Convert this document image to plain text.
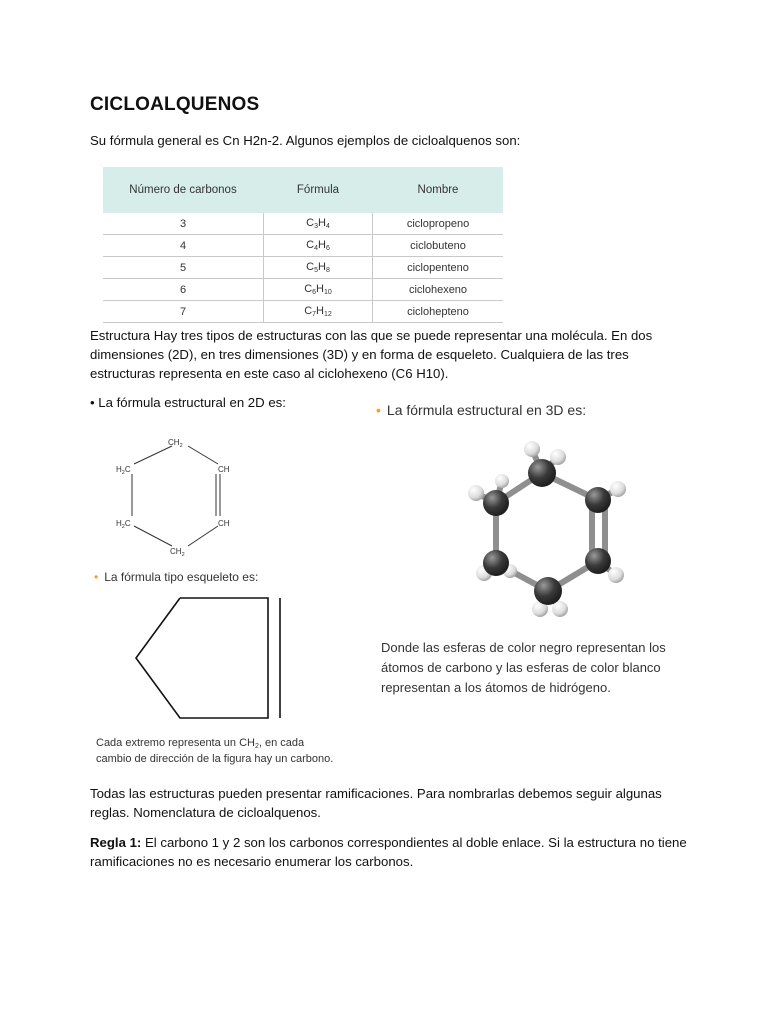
CICLOALQUENOS
Su fórmula general es Cn H2n-2. Algunos ejemplos de cicloalquenos son:
Número de carbonos	Fórmula	Nombre
3	$C_3H_4$	ciclopropeno
4	$C_4H_6$	ciclobuteno
5	$C_5H_8$	ciclopenteno
6	$C_6H_{10}$	ciclohexeno
7	$C_7H_{12}$	ciclohepteno
Estructura Hay tres tipos de estructuras con las que se puede representar una molécula. En dos dimensiones (2D), en tres dimensiones (3D) y en forma de esqueleto. Cualquiera de las tres estructuras representa en este caso al ciclohexeno (C6 H10).
• La fórmula estructural en 2D es:
$CH_2$
$H_2C$	CH
$H_2C$	CH
$CH_2$
• La fórmula estructural en 3D es:
Donde las esferas de color negro representan los átomos de carbono y las esferas de color blanco representan a los átomos de hidrógeno.
• La fórmula tipo esqueleto es:
Cada extremo representa un $CH_2$, en cada cambio de dirección de la figura hay un carbono.
Todas las estructuras pueden presentar ramificaciones. Para nombrarlas debemos seguir algunas reglas. Nomenclatura de cicloalquenos.
Regla 1: El carbono 1 y 2 son los carbonos correspondientes al doble enlace. Si la estructura no tiene ramificaciones no es necesario enumerar los carbonos.
